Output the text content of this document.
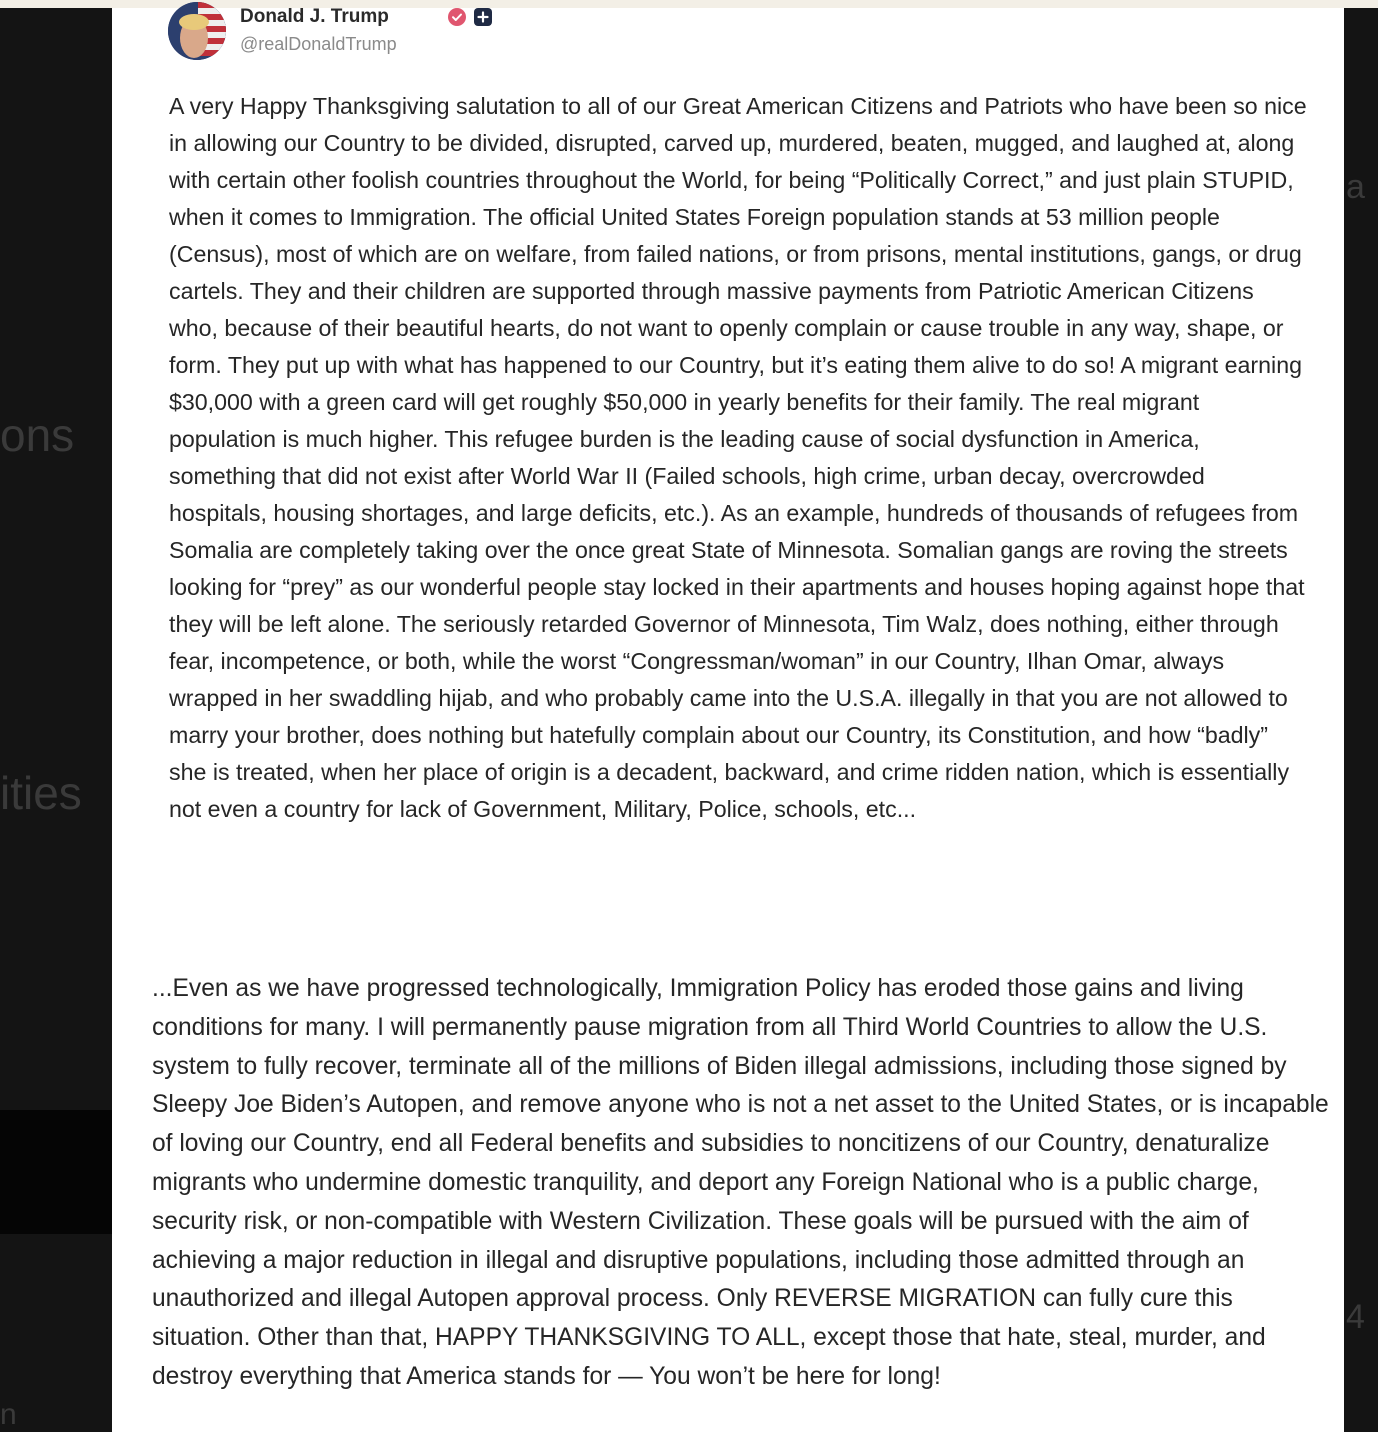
ons
ities
n
4
a
Donald J. Trump
@realDonaldTrump

A very Happy Thanksgiving salutation to all of our Great American Citizens and Patriots who have been so nice in allowing our Country to be divided, disrupted, carved up, murdered, beaten, mugged, and laughed at, along with certain other foolish countries throughout the World, for being “Politically Correct,” and just plain STUPID, when it comes to Immigration. The official United States Foreign population stands at 53 million people (Census), most of which are on welfare, from failed nations, or from prisons, mental institutions, gangs, or drug cartels. They and their children are supported through massive payments from Patriotic American Citizens who, because of their beautiful hearts, do not want to openly complain or cause trouble in any way, shape, or form. They put up with what has happened to our Country, but it’s eating them alive to do so! A migrant earning $30,000 with a green card will get roughly $50,000 in yearly benefits for their family. The real migrant population is much higher. This refugee burden is the leading cause of social dysfunction in America, something that did not exist after World War II (Failed schools, high crime, urban decay, overcrowded hospitals, housing shortages, and large deficits, etc.). As an example, hundreds of thousands of refugees from Somalia are completely taking over the once great State of Minnesota. Somalian gangs are roving the streets looking for “prey” as our wonderful people stay locked in their apartments and houses hoping against hope that they will be left alone. The seriously retarded Governor of Minnesota, Tim Walz, does nothing, either through fear, incompetence, or both, while the worst “Congressman/woman” in our Country, Ilhan Omar, always wrapped in her swaddling hijab, and who probably came into the U.S.A. illegally in that you are not allowed to marry your brother, does nothing but hatefully complain about our Country, its Constitution, and how “badly” she is treated, when her place of origin is a decadent, backward, and crime ridden nation, which is essentially not even a country for lack of Government, Military, Police, schools, etc...

...Even as we have progressed technologically, Immigration Policy has eroded those gains and living conditions for many. I will permanently pause migration from all Third World Countries to allow the U.S. system to fully recover, terminate all of the millions of Biden illegal admissions, including those signed by Sleepy Joe Biden’s Autopen, and remove anyone who is not a net asset to the United States, or is incapable of loving our Country, end all Federal benefits and subsidies to noncitizens of our Country, denaturalize migrants who undermine domestic tranquility, and deport any Foreign National who is a public charge, security risk, or non-compatible with Western Civilization. These goals will be pursued with the aim of achieving a major reduction in illegal and disruptive populations, including those admitted through an unauthorized and illegal Autopen approval process. Only REVERSE MIGRATION can fully cure this situation. Other than that, HAPPY THANKSGIVING TO ALL, except those that hate, steal, murder, and destroy everything that America stands for — You won’t be here for long!
